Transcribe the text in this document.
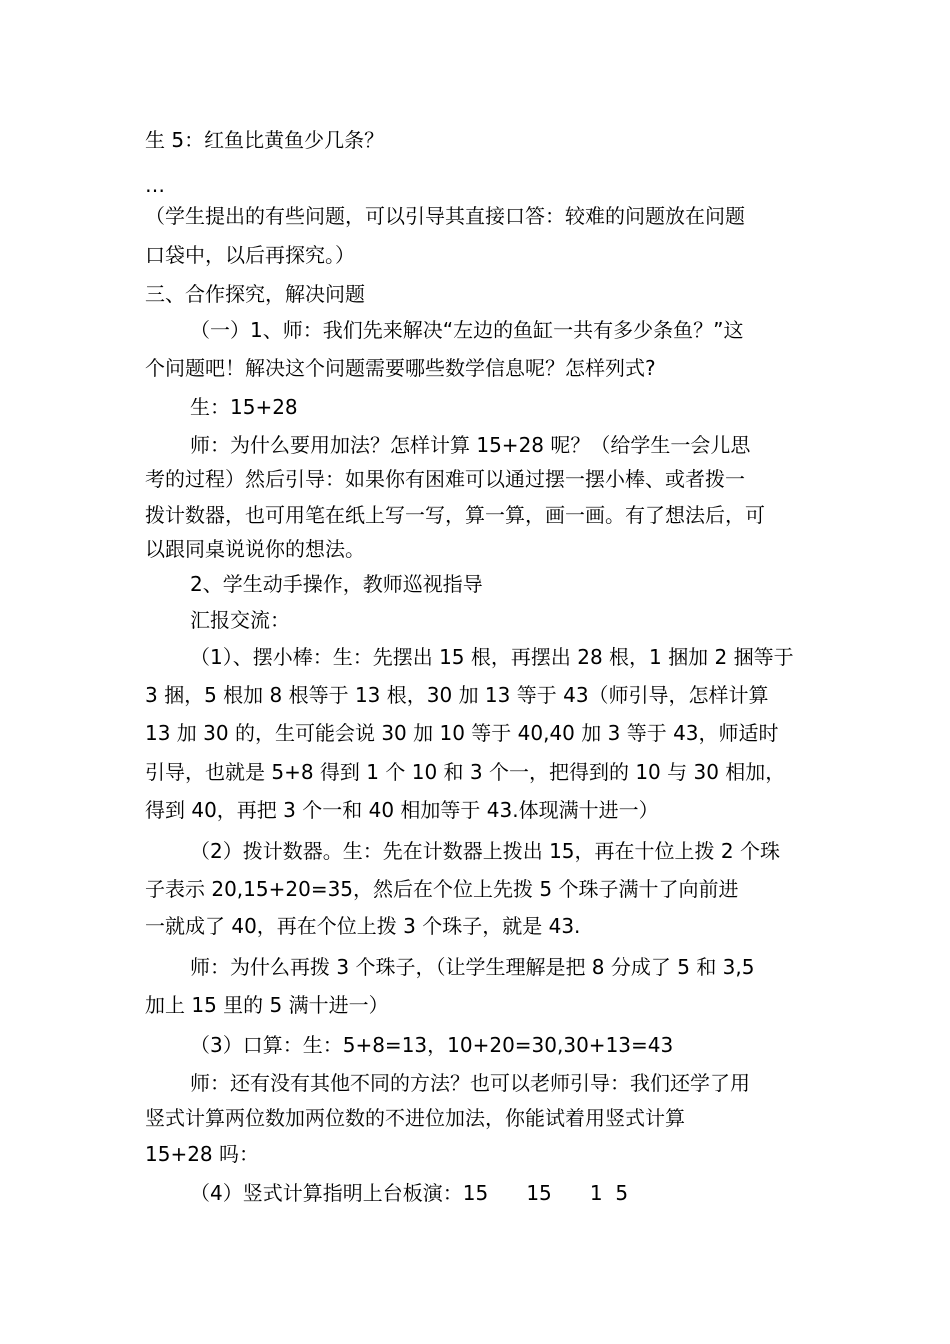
生 5：红鱼比黄鱼少几条？
…
（学生提出的有些问题，可以引导其直接口答：较难的问题放在问题
口袋中，以后再探究。）
三、合作探究，解决问题
（一）1、师：我们先来解决“左边的鱼缸一共有多少条鱼？”这
个问题吧！解决这个问题需要哪些数学信息呢？怎样列式?
生：15+28
师：为什么要用加法？怎样计算 15+28 呢？（给学生一会儿思
考的过程）然后引导：如果你有困难可以通过摆一摆小棒、或者拨一
拨计数器，也可用笔在纸上写一写，算一算，画一画。有了想法后，可
以跟同桌说说你的想法。
2、学生动手操作，教师巡视指导
汇报交流：
（1）、摆小棒：生：先摆出 15 根，再摆出 28 根，1 捆加 2 捆等于
3 捆，5 根加 8 根等于 13 根，30 加 13 等于 43（师引导，怎样计算
13 加 30 的，生可能会说 30 加 10 等于 40,40 加 3 等于 43，师适时
引导，也就是 5+8 得到 1 个 10 和 3 个一，把得到的 10 与 30 相加，
得到 40，再把 3 个一和 40 相加等于 43.体现满十进一）
（2）拨计数器。生：先在计数器上拨出 15，再在十位上拨 2 个珠
子表示 20,15+20=35，然后在个位上先拨 5 个珠子满十了向前进
一就成了 40，再在个位上拨 3 个珠子，就是 43.
师：为什么再拨 3 个珠子，（让学生理解是把 8 分成了 5 和 3,5
加上 15 里的 5 满十进一）
（3）口算：生：5+8=13，10+20=30,30+13=43
师：还有没有其他不同的方法？也可以老师引导：我们还学了用
竖式计算两位数加两位数的不进位加法，你能试着用竖式计算
15+28 吗：
（4）竖式计算指明上台板演：15      15      1  5
